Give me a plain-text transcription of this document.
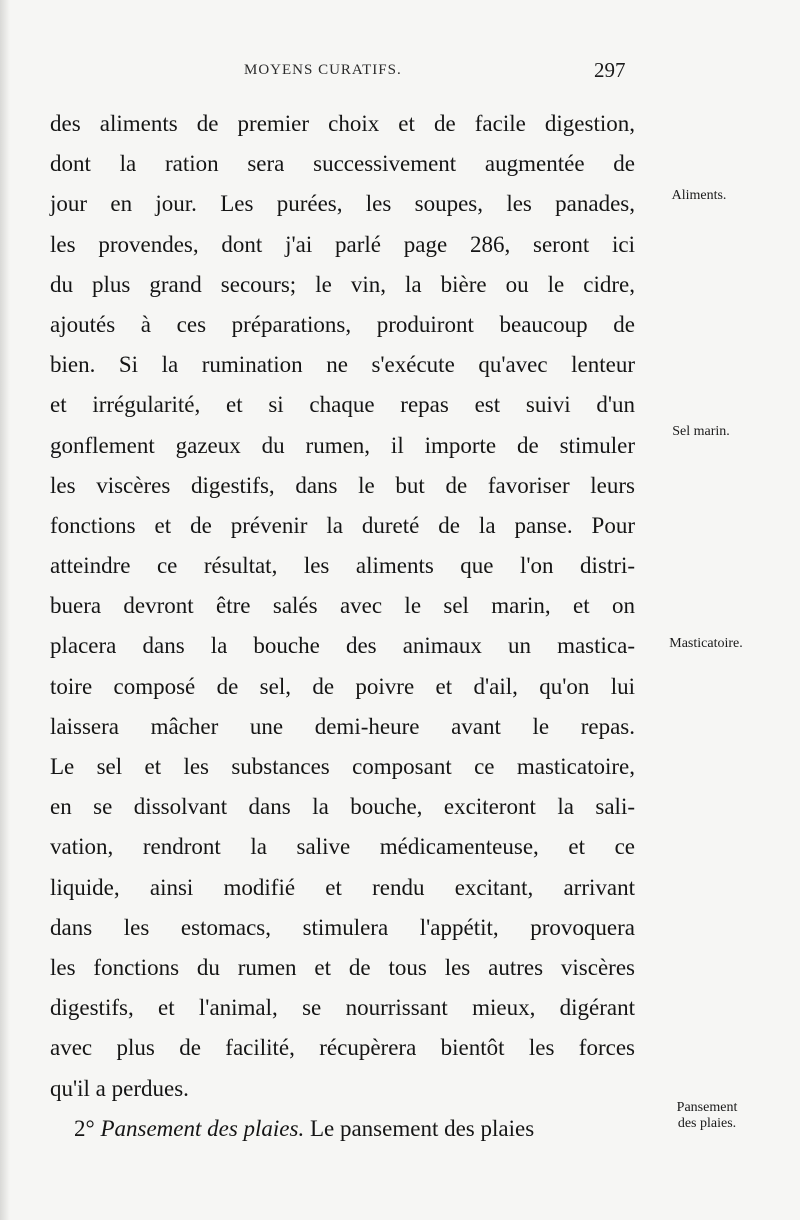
MOYENS CURATIFS.	297
des aliments de premier choix et de facile digestion,
dont la ration sera successivement augmentée de
jour en jour. Les purées, les soupes, les panades,
les provendes, dont j'ai parlé page 286, seront ici
du plus grand secours; le vin, la bière ou le cidre,
ajoutés à ces préparations, produiront beaucoup de
bien. Si la rumination ne s'exécute qu'avec lenteur
et irrégularité, et si chaque repas est suivi d'un
gonflement gazeux du rumen, il importe de stimuler
les viscères digestifs, dans le but de favoriser leurs
fonctions et de prévenir la dureté de la panse. Pour
atteindre ce résultat, les aliments que l'on distri-
buera devront être salés avec le sel marin, et on
placera dans la bouche des animaux un mastica-
toire composé de sel, de poivre et d'ail, qu'on lui
laissera mâcher une demi-heure avant le repas.
Le sel et les substances composant ce masticatoire,
en se dissolvant dans la bouche, exciteront la sali-
vation, rendront la salive médicamenteuse, et ce
liquide, ainsi modifié et rendu excitant, arrivant
dans les estomacs, stimulera l'appétit, provoquera
les fonctions du rumen et de tous les autres viscères
digestifs, et l'animal, se nourrissant mieux, digérant
avec plus de facilité, récupèrera bientôt les forces
qu'il a perdues.
2° Pansement des plaies. Le pansement des plaies
Aliments.
Sel marin.
Masticatoire.
Pansement
des plaies.
